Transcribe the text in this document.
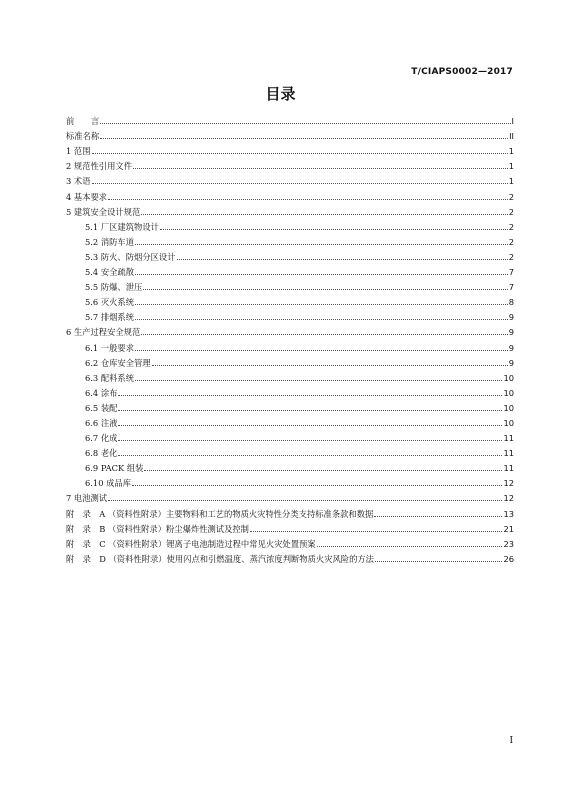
T/CIAPS0002—2017
目录
前　　言	I
标准名称	II
1 范围	1
2 规范性引用文件	1
3 术语	1
4 基本要求	2
5 建筑安全设计规范	2
5.1 厂区建筑物设计	2
5.2 消防车道	2
5.3 防火、防烟分区设计	2
5.4 安全疏散	7
5.5 防爆、泄压	7
5.6 灭火系统	8
5.7 排烟系统	9
6 生产过程安全规范	9
6.1 一般要求	9
6.2 仓库安全管理	9
6.3 配料系统	10
6.4 涂布	10
6.5 装配	10
6.6 注液	10
6.7 化成	11
6.8 老化	11
6.9 PACK 组装	11
6.10 成品库	12
7 电池测试	12
附　录　A （资料性附录）主要物料和工艺的物质火灾特性分类支持标准条款和数据	13
附　录　B （资料性附录）粉尘爆炸性测试及控制	21
附　录　C （资料性附录）锂离子电池制造过程中常见火灾处置预案	23
附　录　D （资料性附录）使用闪点和引燃温度、蒸汽浓度判断物质火灾风险的方法	26
I
